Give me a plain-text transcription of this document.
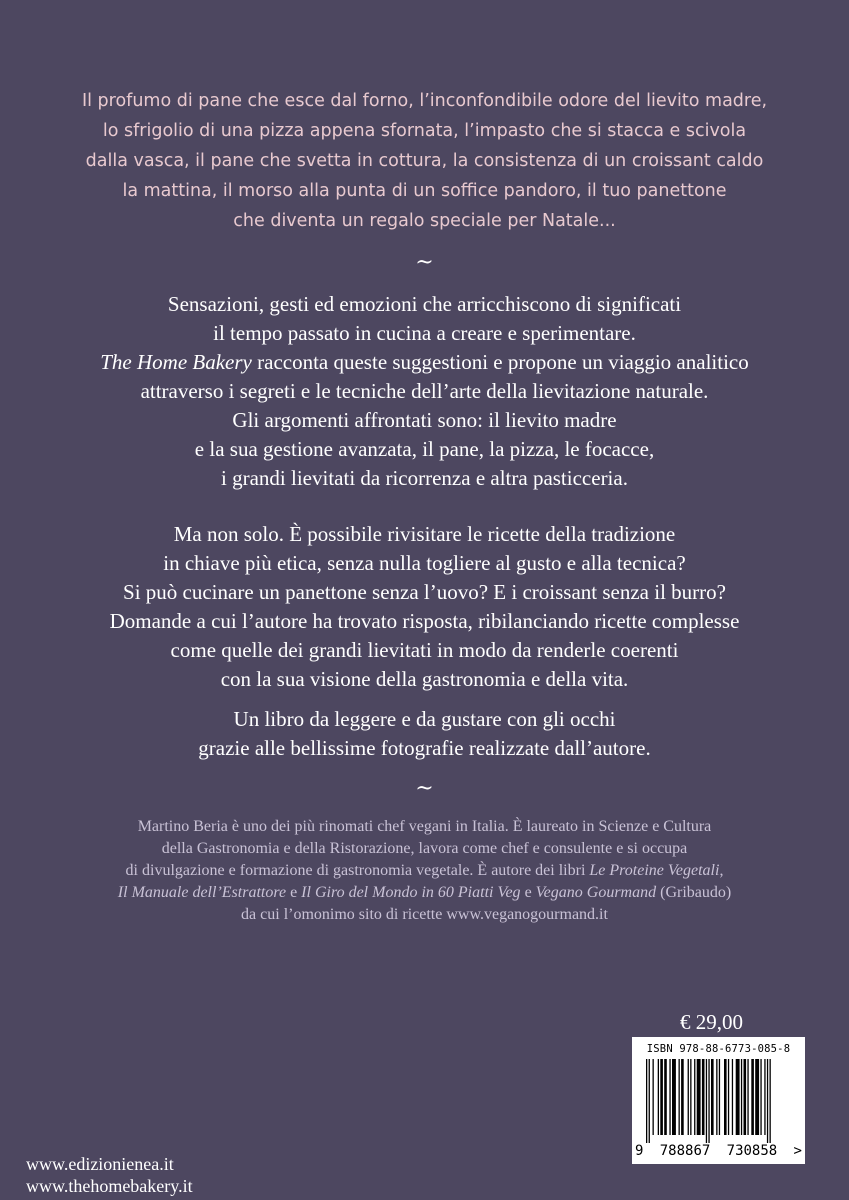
Il profumo di pane che esce dal forno, l’inconfondibile odore del lievito madre,

lo sfrigolio di una pizza appena sfornata, l’impasto che si stacca e scivola

dalla vasca, il pane che svetta in cottura, la consistenza di un croissant caldo

la mattina, il morso alla punta di un soffice pandoro, il tuo panettone

che diventa un regalo speciale per Natale...

~

Sensazioni, gesti ed emozioni che arricchiscono di significati

il tempo passato in cucina a creare e sperimentare.

The Home Bakery racconta queste suggestioni e propone un viaggio analitico

attraverso i segreti e le tecniche dell’arte della lievitazione naturale.

Gli argomenti affrontati sono: il lievito madre

e la sua gestione avanzata, il pane, la pizza, le focacce,

i grandi lievitati da ricorrenza e altra pasticceria.

Ma non solo. È possibile rivisitare le ricette della tradizione

in chiave più etica, senza nulla togliere al gusto e alla tecnica?

Si può cucinare un panettone senza l’uovo? E i croissant senza il burro?

Domande a cui l’autore ha trovato risposta, ribilanciando ricette complesse

come quelle dei grandi lievitati in modo da renderle coerenti

con la sua visione della gastronomia e della vita.

Un libro da leggere e da gustare con gli occhi

grazie alle bellissime fotografie realizzate dall’autore.

~

Martino Beria è uno dei più rinomati chef vegani in Italia. È laureato in Scienze e Cultura

della Gastronomia e della Ristorazione, lavora come chef e consulente e si occupa

di divulgazione e formazione di gastronomia vegetale. È autore dei libri Le Proteine Vegetali,

Il Manuale dell’Estrattore e Il Giro del Mondo in 60 Piatti Veg e Vegano Gourmand (Gribaudo)

da cui l’omonimo sito di ricette www.veganogourmand.it

€ 29,00
ISBN 978-88-6773-085-8
9 788867 730858 >
www.edizionienea.it
www.thehomebakery.it
